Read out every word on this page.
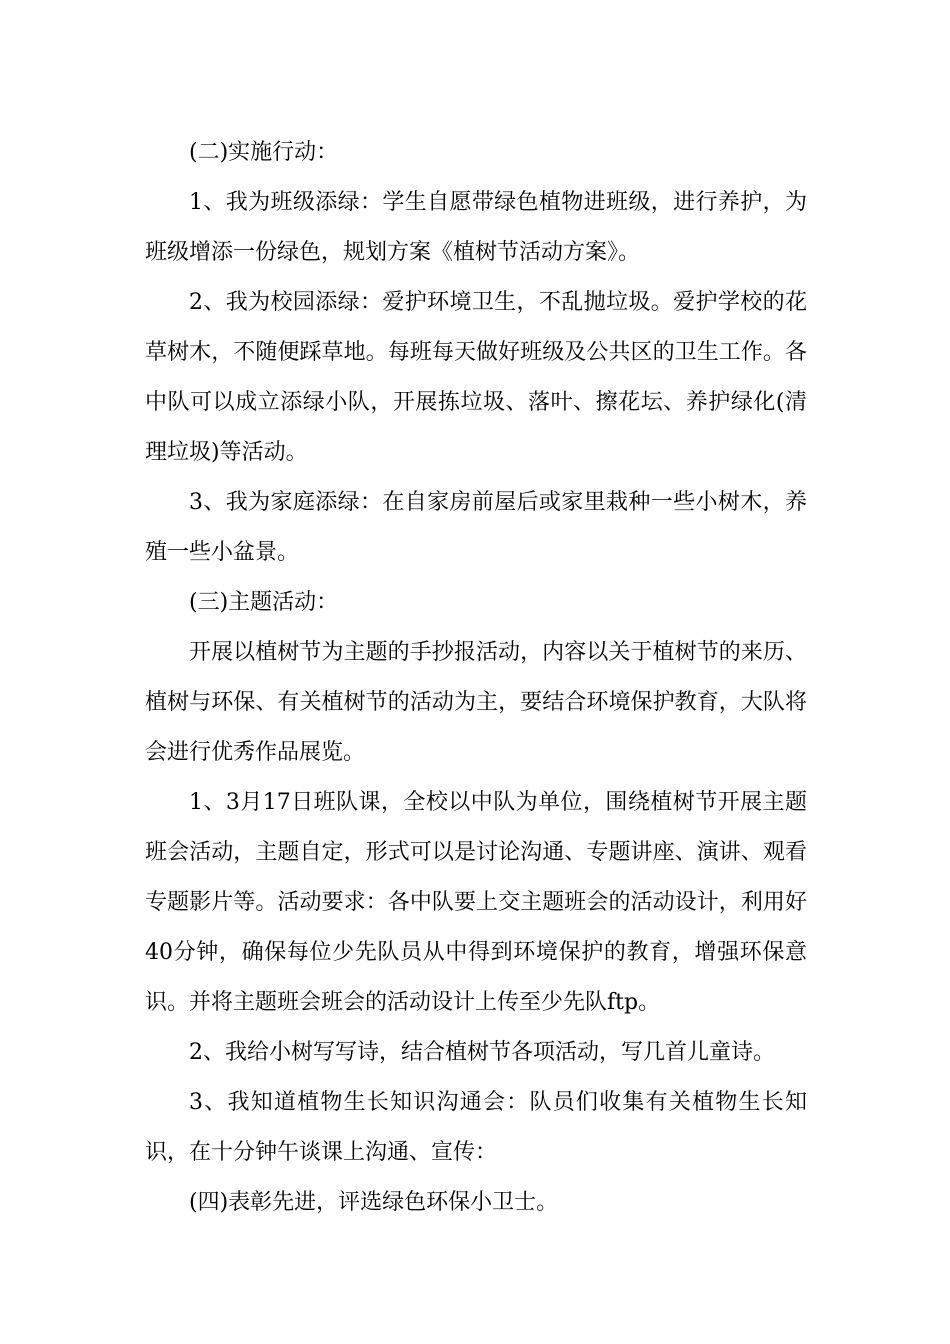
(二)实施行动：

1、我为班级添绿：学生自愿带绿色植物进班级，进行养护，为班级增添一份绿色，规划方案《植树节活动方案》。

2、我为校园添绿：爱护环境卫生，不乱抛垃圾。爱护学校的花草树木，不随便踩草地。每班每天做好班级及公共区的卫生工作。各中队可以成立添绿小队，开展拣垃圾、落叶、擦花坛、养护绿化(清理垃圾)等活动。

3、我为家庭添绿：在自家房前屋后或家里栽种一些小树木，养殖一些小盆景。

(三)主题活动：

开展以植树节为主题的手抄报活动，内容以关于植树节的来历、植树与环保、有关植树节的活动为主，要结合环境保护教育，大队将会进行优秀作品展览。

1、3月17日班队课，全校以中队为单位，围绕植树节开展主题班会活动，主题自定，形式可以是讨论沟通、专题讲座、演讲、观看专题影片等。活动要求：各中队要上交主题班会的活动设计，利用好40分钟，确保每位少先队员从中得到环境保护的教育，增强环保意识。并将主题班会班会的活动设计上传至少先队ftp。

2、我给小树写写诗，结合植树节各项活动，写几首儿童诗。

3、我知道植物生长知识沟通会：队员们收集有关植物生长知识，在十分钟午谈课上沟通、宣传：

(四)表彰先进，评选绿色环保小卫士。
